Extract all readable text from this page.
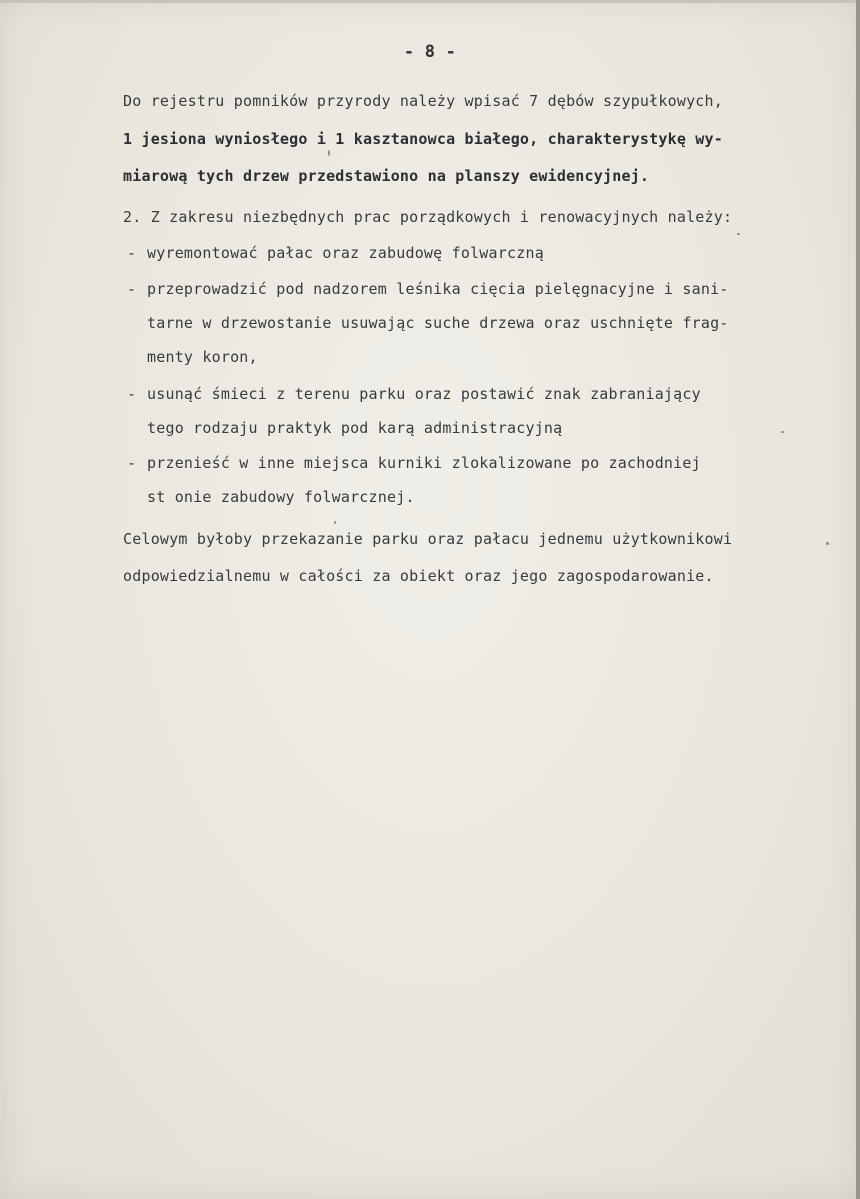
- 8 -
Do rejestru pomników przyrody należy wpisać 7 dębów szypułkowych,
1 jesiona wyniosłego i 1 kasztanowca białego, charakterystykę wy-
miarową tych drzew przedstawiono na planszy ewidencyjnej.
2. Z zakresu niezbędnych prac porządkowych i renowacyjnych należy:
- wyremontować pałac oraz zabudowę folwarczną
- przeprowadzić pod nadzorem leśnika cięcia pielęgnacyjne i sani-
tarne w drzewostanie usuwając suche drzewa oraz uschnięte frag-
menty koron,
- usunąć śmieci z terenu parku oraz postawić znak zabraniający
tego rodzaju praktyk pod karą administracyjną
- przenieść w inne miejsca kurniki zlokalizowane po zachodniej
st onie zabudowy folwarcznej.
Celowym byłoby przekazanie parku oraz pałacu jednemu użytkownikowi
odpowiedzialnemu w całości za obiekt oraz jego zagospodarowanie.
